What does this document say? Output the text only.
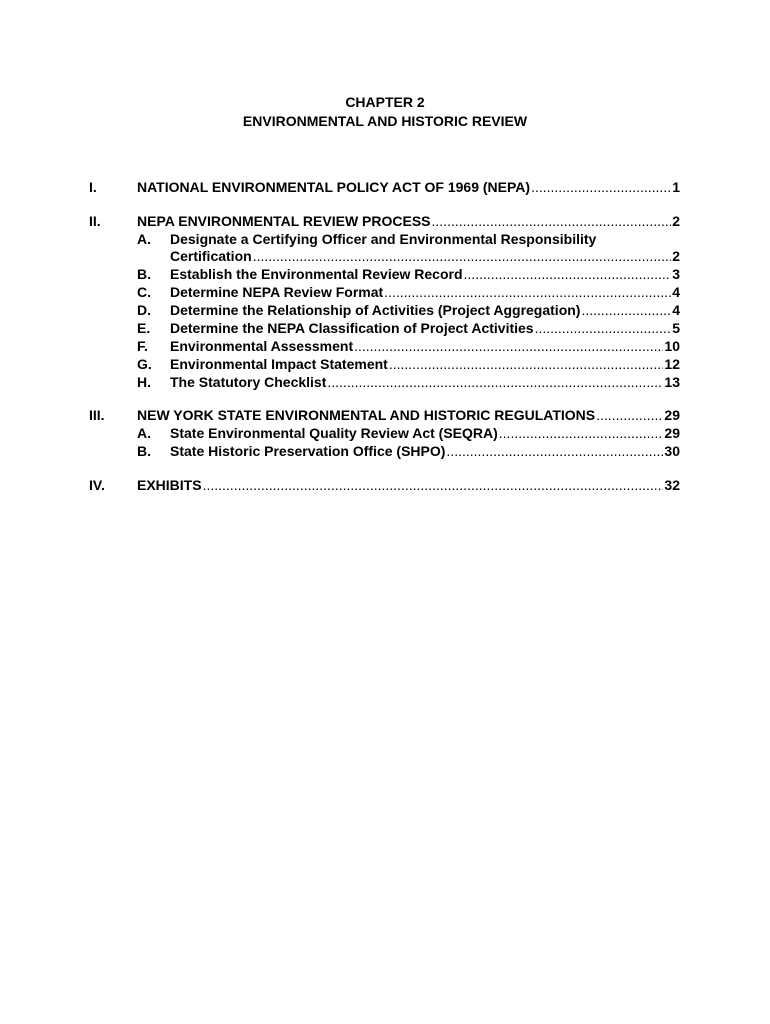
CHAPTER 2
ENVIRONMENTAL AND HISTORIC REVIEW
I.	NATIONAL ENVIRONMENTAL POLICY ACT OF 1969 (NEPA) .....	1
II.	NEPA ENVIRONMENTAL REVIEW PROCESS .....	2
A. Designate a Certifying Officer and Environmental Responsibility
Certification .....	2
B. Establish the Environmental Review Record .....	3
C. Determine NEPA Review Format .....	4
D. Determine the Relationship of Activities (Project Aggregation) .....	4
E. Determine the NEPA Classification of Project Activities .....	5
F. Environmental Assessment .....	10
G. Environmental Impact Statement .....	12
H. The Statutory Checklist .....	13
III. NEW YORK STATE ENVIRONMENTAL AND HISTORIC REGULATIONS .....	29
A. State Environmental Quality Review Act (SEQRA) .....	29
B. State Historic Preservation Office (SHPO) .....	30
IV. EXHIBITS .....	32
